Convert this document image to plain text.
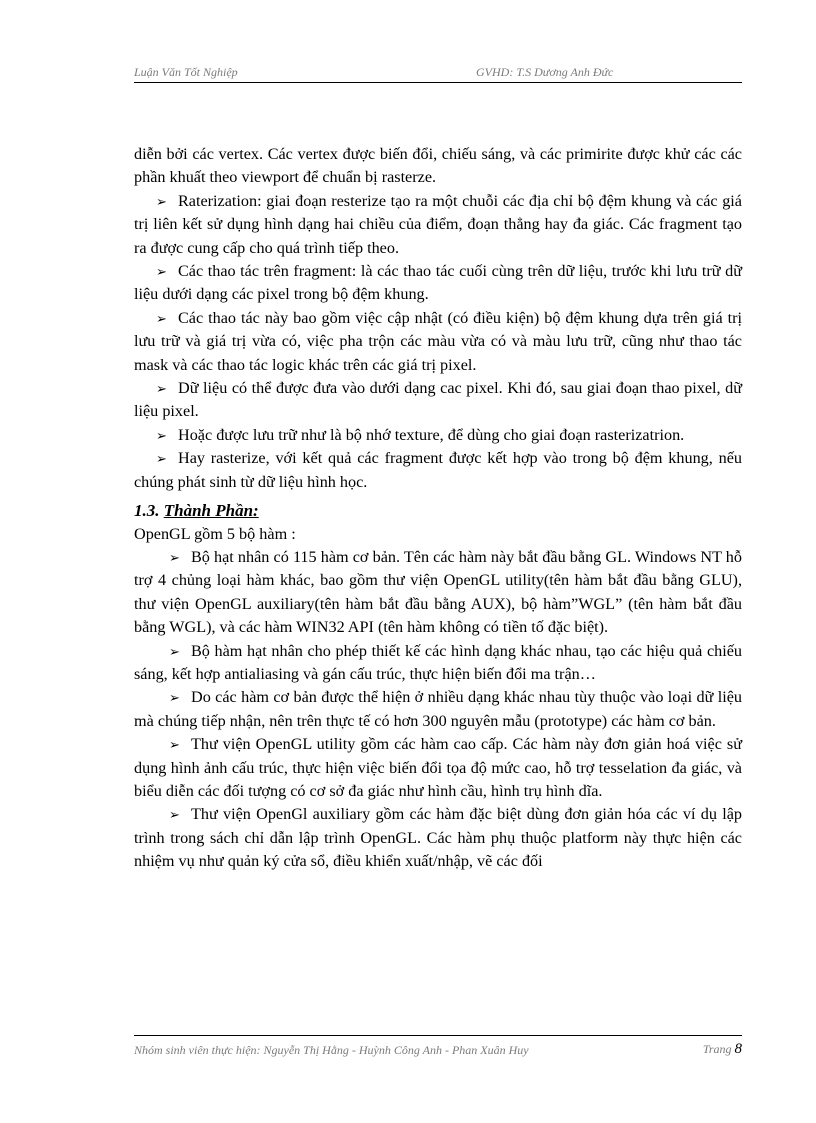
Luận Văn Tốt Nghiệp	GVHD: T.S Dương Anh Đức

diễn bởi các vertex. Các vertex được biến đổi, chiếu sáng, và các primirite được khử các các phần khuất theo viewport để chuẩn bị rasterze.

➢ Raterization: giai đoạn resterize tạo ra một chuỗi các địa chỉ bộ đệm khung và các giá trị liên kết sử dụng hình dạng hai chiều của điểm, đoạn thẳng hay đa giác. Các fragment tạo ra được cung cấp cho quá trình tiếp theo.

➢ Các thao tác trên fragment: là các thao tác cuối cùng trên dữ liệu, trước khi lưu trữ dữ liệu dưới dạng các pixel trong bộ đệm khung.

➢ Các thao tác này bao gồm việc cập nhật (có điều kiện) bộ đệm khung dựa trên giá trị lưu trữ và giá trị vừa có, việc pha trộn các màu vừa có và màu lưu trữ, cũng như thao tác mask và các thao tác logic khác trên các giá trị pixel.

➢ Dữ liệu có thể được đưa vào dưới dạng cac pixel. Khi đó, sau giai đoạn thao pixel, dữ liệu pixel.

➢ Hoặc được lưu trữ như là bộ nhớ texture, để dùng cho giai đoạn rasterizatrion.

➢ Hay rasterize, với kết quả các fragment được kết hợp vào trong bộ đệm khung, nếu chúng phát sinh từ dữ liệu hình học.

1.3. Thành Phần:

OpenGL gồm 5 bộ hàm :

➢ Bộ hạt nhân có 115 hàm cơ bản. Tên các hàm này bắt đầu bằng GL. Windows NT hỗ trợ 4 chủng loại hàm khác, bao gồm thư viện OpenGL utility(tên hàm bắt đầu bằng GLU), thư viện OpenGL auxiliary(tên hàm bắt đầu bằng AUX), bộ hàm”WGL” (tên hàm bắt đầu bằng WGL), và các hàm WIN32 API (tên hàm không có tiền tố đặc biệt).

➢ Bộ hàm hạt nhân cho phép thiết kế các hình dạng khác nhau, tạo các hiệu quả chiếu sáng, kết hợp antialiasing và gán cấu trúc, thực hiện biến đổi ma trận…

➢ Do các hàm cơ bản được thể hiện ở nhiều dạng khác nhau tùy thuộc vào loại dữ liệu mà chúng tiếp nhận, nên trên thực tế có hơn 300 nguyên mẫu (prototype) các hàm cơ bản.

➢ Thư viện OpenGL utility gồm các hàm cao cấp. Các hàm này đơn giản hoá việc sử dụng hình ảnh cấu trúc, thực hiện việc biến đổi tọa độ mức cao, hỗ trợ tesselation đa giác, và biểu diễn các đối tượng có cơ sở đa giác như hình cầu, hình trụ hình dĩa.

➢ Thư viện OpenGl auxiliary gồm các hàm đặc biệt dùng đơn giản hóa các ví dụ lập trình trong sách chỉ dẫn lập trình OpenGL. Các hàm phụ thuộc platform này thực hiện các nhiệm vụ như quản ký cửa sổ, điều khiển xuất/nhập, vẽ các đối

Nhóm sinh viên thực hiện: Nguyễn Thị Hằng - Huỳnh Công Anh - Phan Xuân Huy	Trang 8
